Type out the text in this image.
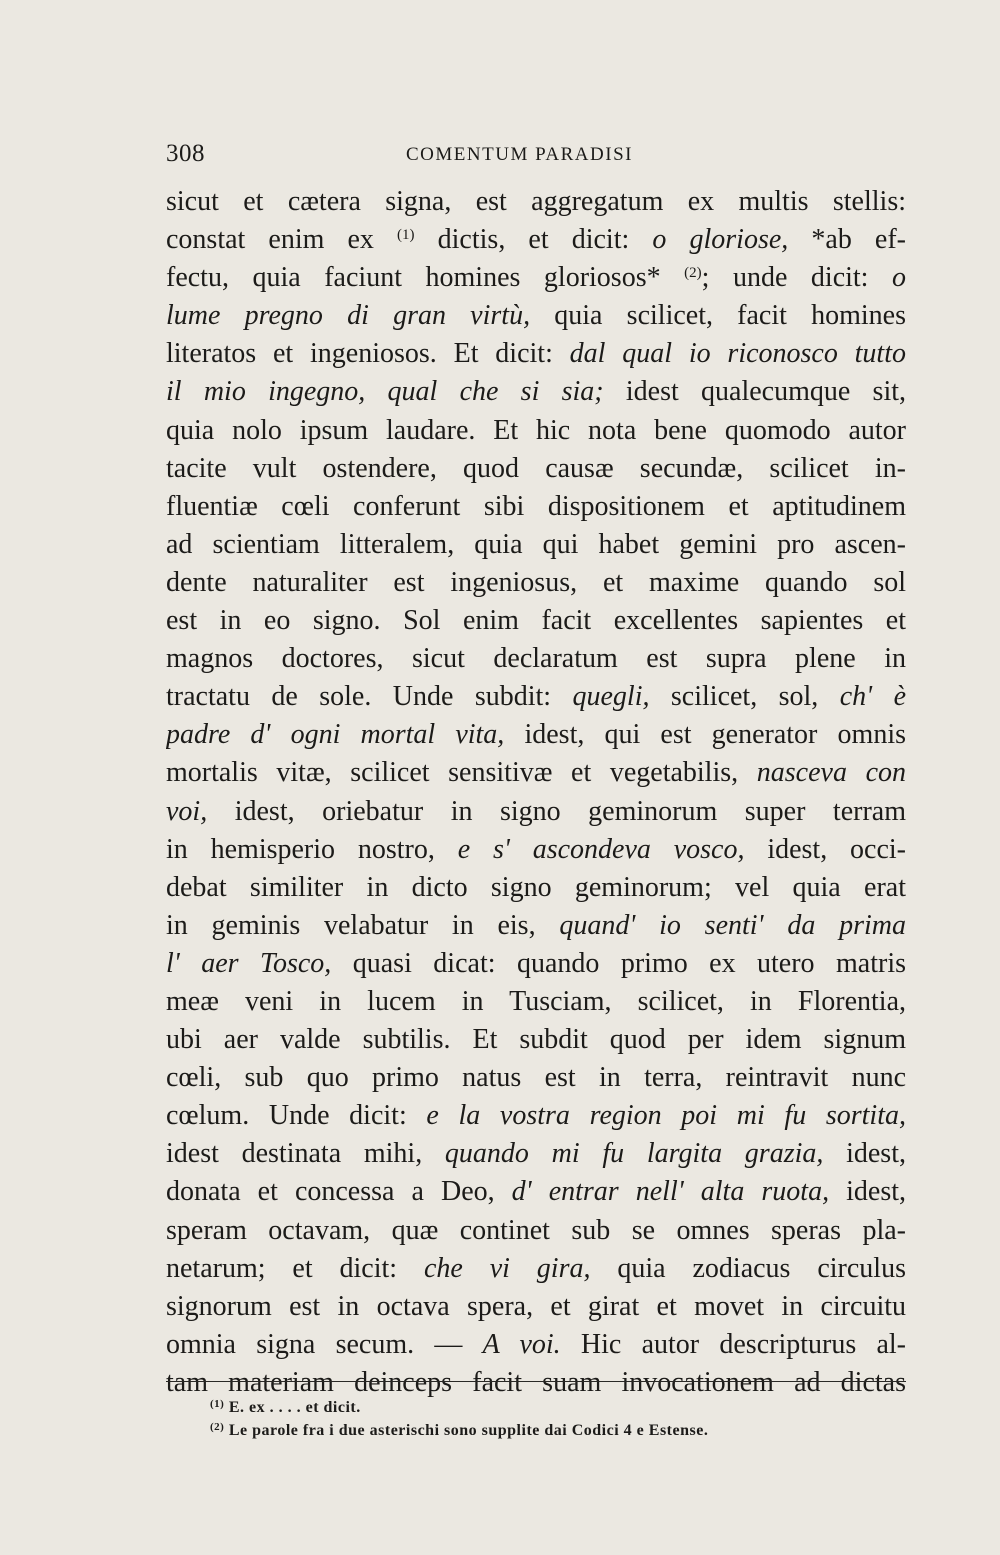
308	COMENTUM PARADISI
sicut et cætera signa, est aggregatum ex multis stellis:
constat enim ex $^{(1)}$ dictis, et dicit: o gloriose, *ab ef-
fectu, quia faciunt homines gloriosos* $^{(2)}$; unde dicit: o
lume pregno di gran virtù, quia scilicet, facit homines
literatos et ingeniosos. Et dicit: dal qual io riconosco tutto
il mio ingegno, qual che si sia; idest qualecumque sit,
quia nolo ipsum laudare. Et hic nota bene quomodo autor
tacite vult ostendere, quod causæ secundæ, scilicet in-
fluentiæ cœli conferunt sibi dispositionem et aptitudinem
ad scientiam litteralem, quia qui habet gemini pro ascen-
dente naturaliter est ingeniosus, et maxime quando sol
est in eo signo. Sol enim facit excellentes sapientes et
magnos doctores, sicut declaratum est supra plene in
tractatu de sole. Unde subdit: quegli, scilicet, sol, ch' è
padre d' ogni mortal vita, idest, qui est generator omnis
mortalis vitæ, scilicet sensitivæ et vegetabilis, nasceva con
voi, idest, oriebatur in signo geminorum super terram
in hemisperio nostro, e s' ascondeva vosco, idest, occi-
debat similiter in dicto signo geminorum; vel quia erat
in geminis velabatur in eis, quand' io senti' da prima
l' aer Tosco, quasi dicat: quando primo ex utero matris
meæ veni in lucem in Tusciam, scilicet, in Florentia,
ubi aer valde subtilis. Et subdit quod per idem signum
cœli, sub quo primo natus est in terra, reintravit nunc
cœlum. Unde dicit: e la vostra region poi mi fu sortita,
idest destinata mihi, quando mi fu largita grazia, idest,
donata et concessa a Deo, d' entrar nell' alta ruota, idest,
speram octavam, quæ continet sub se omnes speras pla-
netarum; et dicit: che vi gira, quia zodiacus circulus
signorum est in octava spera, et girat et movet in circuitu
omnia signa secum. — A voi. Hic autor descripturus al-
tam materiam deinceps facit suam invocationem ad dictas
$^{(1)}$ E. ex . . . . et dicit.
$^{(2)}$ Le parole fra i due asterischi sono supplite dai Codici 4 e Estense.
